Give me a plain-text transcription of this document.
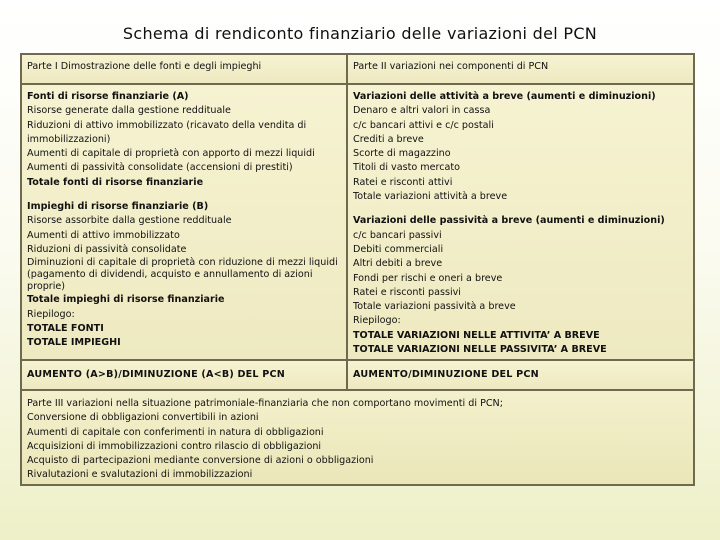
Schema di rendiconto finanziario delle variazioni del PCN
Parte I Dimostrazione delle fonti e degli impieghi	Parte II variazioni nei componenti di PCN
Fonti di risorse finanziarie (A)
Risorse generate dalla gestione reddituale
Riduzioni di attivo immobilizzato (ricavato della vendita di immobilizzazioni)
Aumenti di capitale di proprietà con apporto di mezzi liquidi
Aumenti di passività consolidate (accensioni di prestiti)
Totale fonti di risorse finanziarie
Impieghi di risorse finanziarie (B)
Risorse assorbite dalla gestione reddituale
Aumenti di attivo immobilizzato
Riduzioni di passività consolidate
Diminuzioni di capitale di proprietà con riduzione di mezzi liquidi (pagamento di dividendi, acquisto e annullamento di azioni proprie)
Totale impieghi di risorse finanziarie
Riepilogo:
TOTALE FONTI
TOTALE IMPIEGHI
Variazioni delle attività a breve (aumenti e diminuzioni)
Denaro e altri valori in cassa
c/c bancari attivi e c/c postali
Crediti a breve
Scorte di magazzino
Titoli di vasto mercato
Ratei e risconti attivi
Totale variazioni attività a breve
Variazioni delle passività a breve (aumenti e diminuzioni)
c/c bancari passivi
Debiti commerciali
Altri debiti a breve
Fondi per rischi e oneri a breve
Ratei e risconti passivi
Totale variazioni passività a breve
Riepilogo:
TOTALE VARIAZIONI NELLE ATTIVITA’ A BREVE
TOTALE VARIAZIONI NELLE PASSIVITA’ A BREVE
AUMENTO (A>B)/DIMINUZIONE (A<B) DEL PCN	AUMENTO/DIMINUZIONE DEL PCN
Parte III variazioni nella situazione patrimoniale-finanziaria che non comportano movimenti di PCN;
Conversione di obbligazioni convertibili in azioni
Aumenti di capitale con conferimenti in natura di obbligazioni
Acquisizioni di immobilizzazioni contro rilascio di obbligazioni
Acquisto di partecipazioni mediante conversione di azioni o obbligazioni
Rivalutazioni e svalutazioni di immobilizzazioni
